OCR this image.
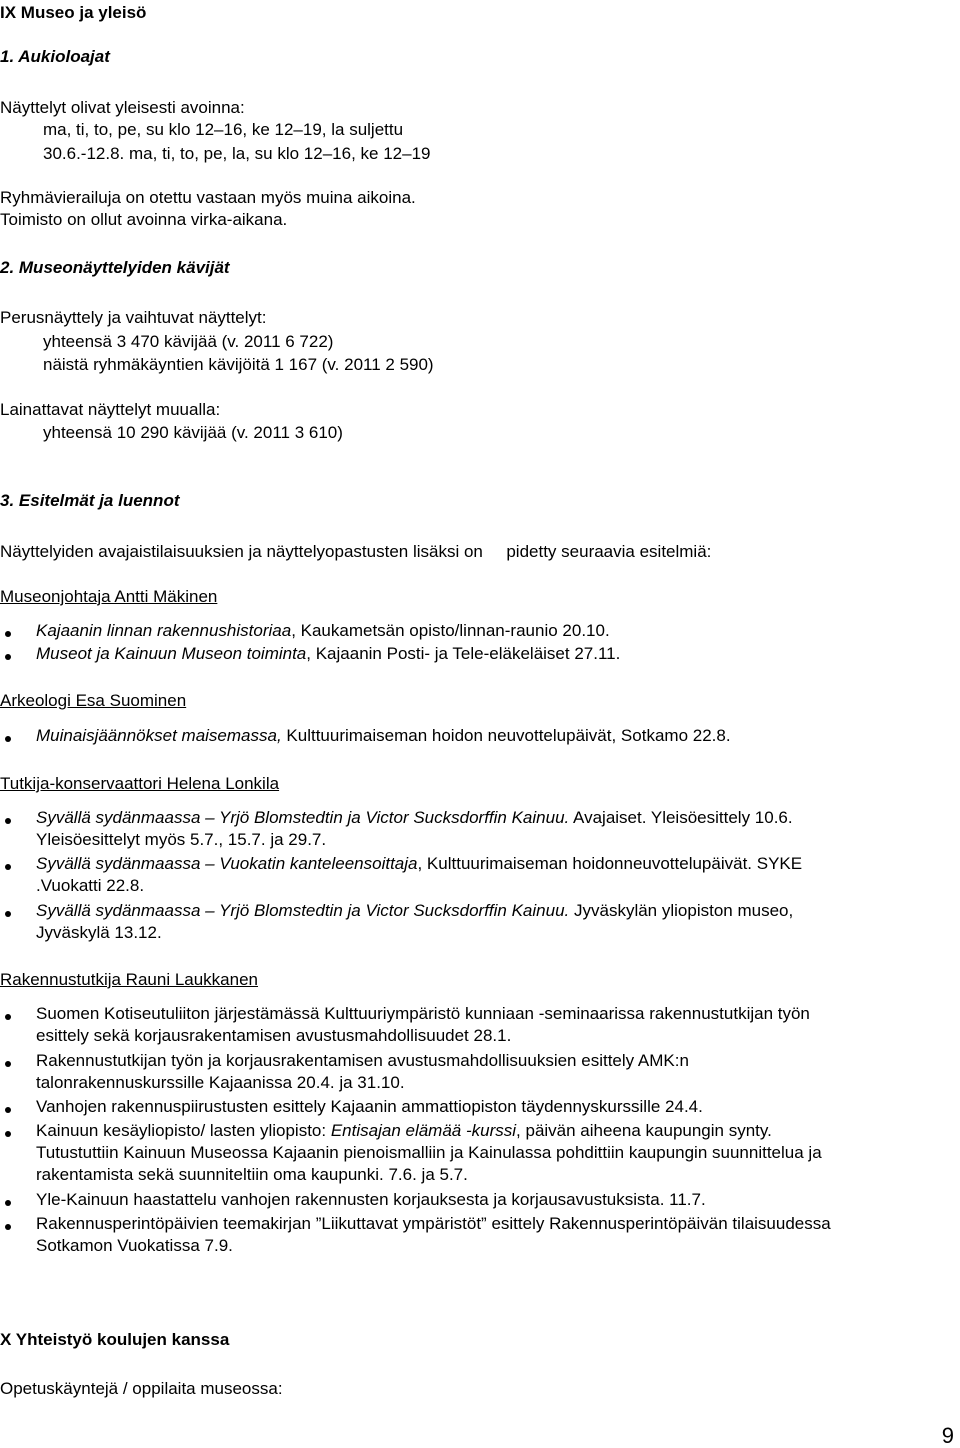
IX Museo ja yleisö
1. Aukioloajat
Näyttelyt olivat yleisesti avoinna:
ma, ti, to, pe, su klo 12–16, ke 12–19, la suljettu
30.6.-12.8. ma, ti, to, pe, la, su klo 12–16, ke 12–19
Ryhmävierailuja on otettu vastaan myös muina aikoina.
Toimisto on ollut avoinna virka-aikana.
2. Museonäyttelyiden kävijät
Perusnäyttely ja vaihtuvat näyttelyt:
yhteensä 3 470 kävijää (v. 2011 6 722)
näistä ryhmäkäyntien kävijöitä 1 167 (v. 2011 2 590)
Lainattavat näyttelyt muualla:
yhteensä 10 290 kävijää (v. 2011 3 610)
3. Esitelmät ja luennot
Näyttelyiden avajaistilaisuuksien ja näyttelyopastusten lisäksi on pidetty seuraavia esitelmiä:
Museonjohtaja Antti Mäkinen
Kajaanin linnan rakennushistoriaa, Kaukametsän opisto/linnan-raunio 20.10.
Museot ja Kainuun Museon toiminta, Kajaanin Posti- ja Tele-eläkeläiset 27.11.
Arkeologi Esa Suominen
Muinaisjäännökset maisemassa, Kulttuurimaiseman hoidon neuvottelupäivät, Sotkamo 22.8.
Tutkija-konservaattori Helena Lonkila
Syvällä sydänmaassa – Yrjö Blomstedtin ja Victor Sucksdorffin Kainuu. Avajaiset. Yleisöesittely 10.6.
Yleisöesittelyt myös 5.7., 15.7. ja 29.7.
Syvällä sydänmaassa – Vuokatin kanteleensoittaja, Kulttuurimaiseman hoidonneuvottelupäivät. SYKE
.Vuokatti 22.8.
Syvällä sydänmaassa – Yrjö Blomstedtin ja Victor Sucksdorffin Kainuu. Jyväskylän yliopiston museo,
Jyväskylä 13.12.
Rakennustutkija Rauni Laukkanen
Suomen Kotiseutuliiton järjestämässä Kulttuuriympäristö kunniaan -seminaarissa rakennustutkijan työn
esittely sekä korjausrakentamisen avustusmahdollisuudet 28.1.
Rakennustutkijan työn ja korjausrakentamisen avustusmahdollisuuksien esittely AMK:n
talonrakennuskurssille Kajaanissa 20.4. ja 31.10.
Vanhojen rakennuspiirustusten esittely Kajaanin ammattiopiston täydennyskurssille 24.4.
Kainuun kesäyliopisto/ lasten yliopisto: Entisajan elämää -kurssi, päivän aiheena kaupungin synty.
Tutustuttiin Kainuun Museossa Kajaanin pienoismalliin ja Kainulassa pohdittiin kaupungin suunnittelua ja
rakentamista sekä suunniteltiin oma kaupunki. 7.6. ja 5.7.
Yle-Kainuun haastattelu vanhojen rakennusten korjauksesta ja korjausavustuksista. 11.7.
Rakennusperintöpäivien teemakirjan ”Liikuttavat ympäristöt” esittely Rakennusperintöpäivän tilaisuudessa
Sotkamon Vuokatissa 7.9.
X Yhteistyö koulujen kanssa
Opetuskäyntejä / oppilaita museossa:
9
